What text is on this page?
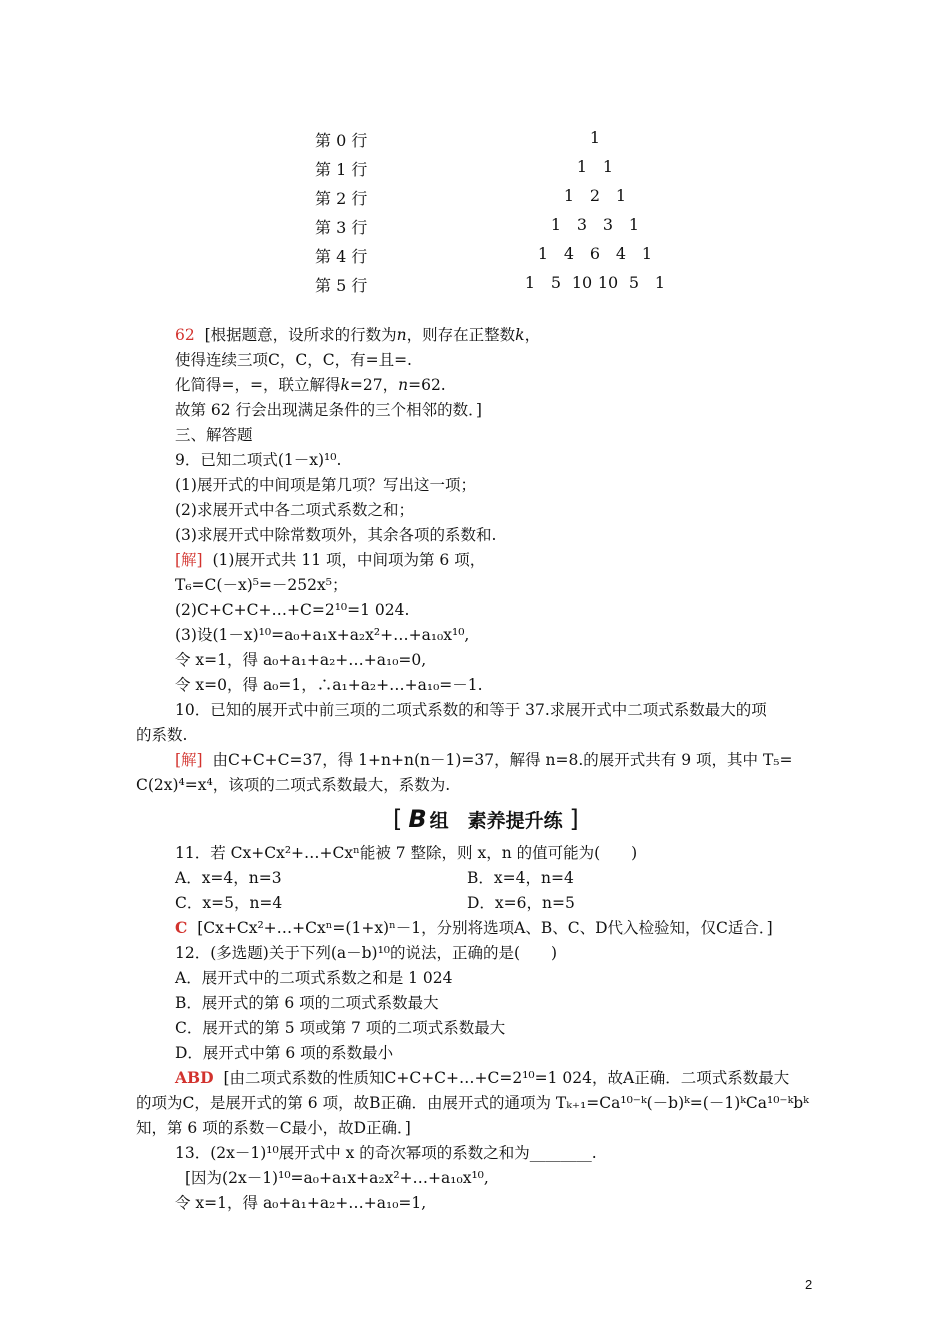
第 0 行	1
第 1 行	1 1
第 2 行	1 2 1
第 3 行	1 3 3 1
第 4 行	1 4 6 4 1
第 5 行	1 5 10 10 5 1
62 [根据题意，设所求的行数为n，则存在正整数k，
使得连续三项C，C，C，有=且=.
化简得=，=，联立解得k=27，n=62.
故第 62 行会出现满足条件的三个相邻的数．]
三、解答题
9．已知二项式(1－x)¹⁰.
(1)展开式的中间项是第几项？写出这一项；
(2)求展开式中各二项式系数之和；
(3)求展开式中除常数项外，其余各项的系数和.
[解] (1)展开式共 11 项，中间项为第 6 项，
T₆=C(－x)⁵=－252x⁵；
(2)C+C+C+…+C=2¹⁰=1 024.
(3)设(1－x)¹⁰=a₀+a₁x+a₂x²+…+a₁₀x¹⁰,
令 x=1，得 a₀+a₁+a₂+…+a₁₀=0,
令 x=0，得 a₀=1，∴a₁+a₂+…+a₁₀=－1.
10．已知的展开式中前三项的二项式系数的和等于 37.求展开式中二项式系数最大的项
的系数.
[解] 由C+C+C=37，得 1+n+n(n－1)=37，解得 n=8.的展开式共有 9 项，其中 T₅=
C(2x)⁴=x⁴，该项的二项式系数最大，系数为.
[ B 组　素养提升练 ]
11．若 Cx+Cx²+…+Cxⁿ能被 7 整除，则 x，n 的值可能为(　　)
A．x=4，n=3	B．x=4，n=4
C．x=5，n=4	D．x=6，n=5
C [Cx+Cx²+…+Cxⁿ=(1+x)ⁿ－1，分别将选项A、B、C、D代入检验知，仅C适合．]
12．(多选题)关于下列(a－b)¹⁰的说法，正确的是(　　)
A．展开式中的二项式系数之和是 1 024
B．展开式的第 6 项的二项式系数最大
C．展开式的第 5 项或第 7 项的二项式系数最大
D．展开式中第 6 项的系数最小
ABD [由二项式系数的性质知C+C+C+…+C=2¹⁰=1 024，故A正确．二项式系数最大
的项为C，是展开式的第 6 项，故B正确．由展开式的通项为 Tₖ₊₁=Ca¹⁰⁻ᵏ(－b)ᵏ=(－1)ᵏCa¹⁰⁻ᵏbᵏ
知，第 6 项的系数－C最小，故D正确．]
13．(2x－1)¹⁰展开式中 x 的奇次幂项的系数之和为________.
[因为(2x－1)¹⁰=a₀+a₁x+a₂x²+…+a₁₀x¹⁰,
令 x=1，得 a₀+a₁+a₂+…+a₁₀=1,
2
